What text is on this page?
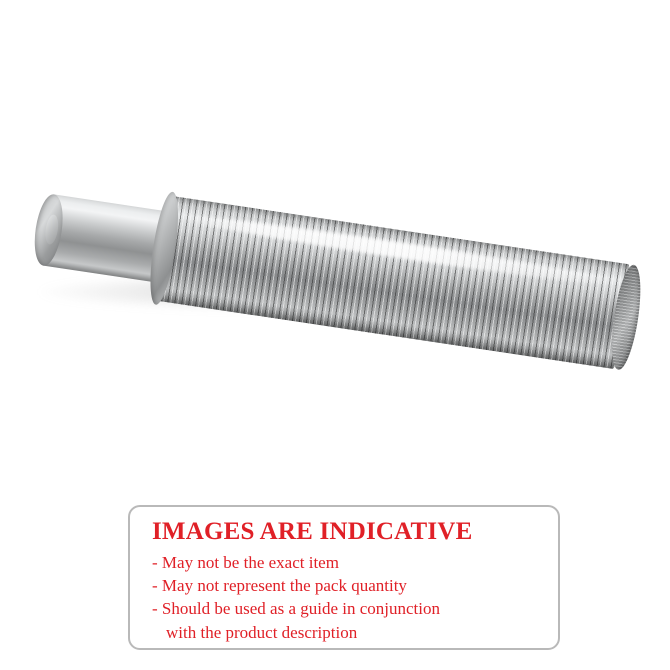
IMAGES ARE INDICATIVE
- May not be the exact item
- May not represent the pack quantity
- Should be used as a guide in conjunction
with the product description
